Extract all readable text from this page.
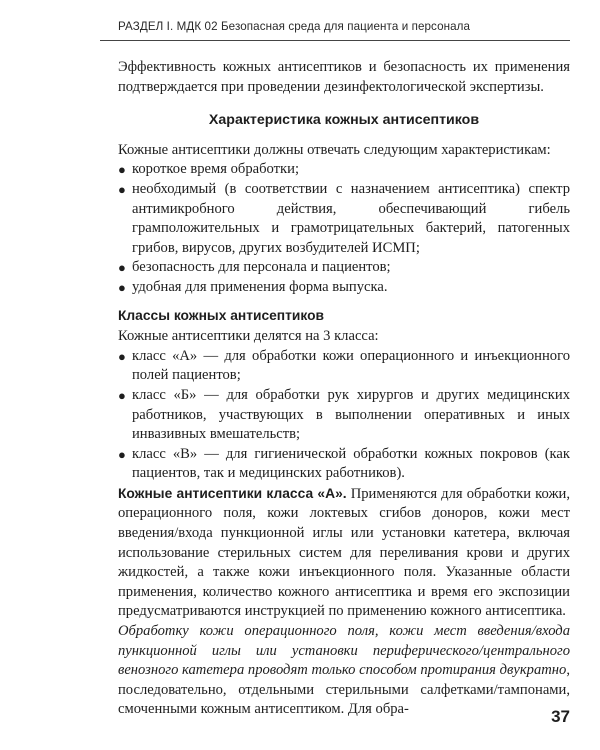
РАЗДЕЛ I. МДК 02 Безопасная среда для пациента и персонала

Эффективность кожных антисептиков и безопасность их применения подтверждается при проведении дезинфектологической экспертизы.

Характеристика кожных антисептиков

Кожные антисептики должны отвечать следующим характеристикам:

● короткое время обработки;
● необходимый (в соответствии с назначением антисептика) спектр антимикробного действия, обеспечивающий гибель грамположительных и грамотрицательных бактерий, патогенных грибов, вирусов, других возбудителей ИСМП;
● безопасность для персонала и пациентов;
● удобная для применения форма выпуска.
Классы кожных антисептиков

Кожные антисептики делятся на 3 класса:

● класс «А» — для обработки кожи операционного и инъекционного полей пациентов;
● класс «Б» — для обработки рук хирургов и других медицинских работников, участвующих в выполнении оперативных и иных инвазивных вмешательств;
● класс «В» — для гигиенической обработки кожных покровов (как пациентов, так и медицинских работников).

Кожные антисептики класса «А». Применяются для обработки кожи, операционного поля, кожи локтевых сгибов доноров, кожи мест введения/входа пункционной иглы или установки катетера, включая использование стерильных систем для переливания крови и других жидкостей, а также кожи инъекционного поля. Указанные области применения, количество кожного антисептика и время его экспозиции предусматриваются инструкцией по применению кожного антисептика.

Обработку кожи операционного поля, кожи мест введения/входа пункционной иглы или установки периферического/центрального венозного катетера проводят только способом протирания двукратно, последовательно, отдельными стерильными салфетками/тампонами, смоченными кожным антисептиком. Для обра-	37
